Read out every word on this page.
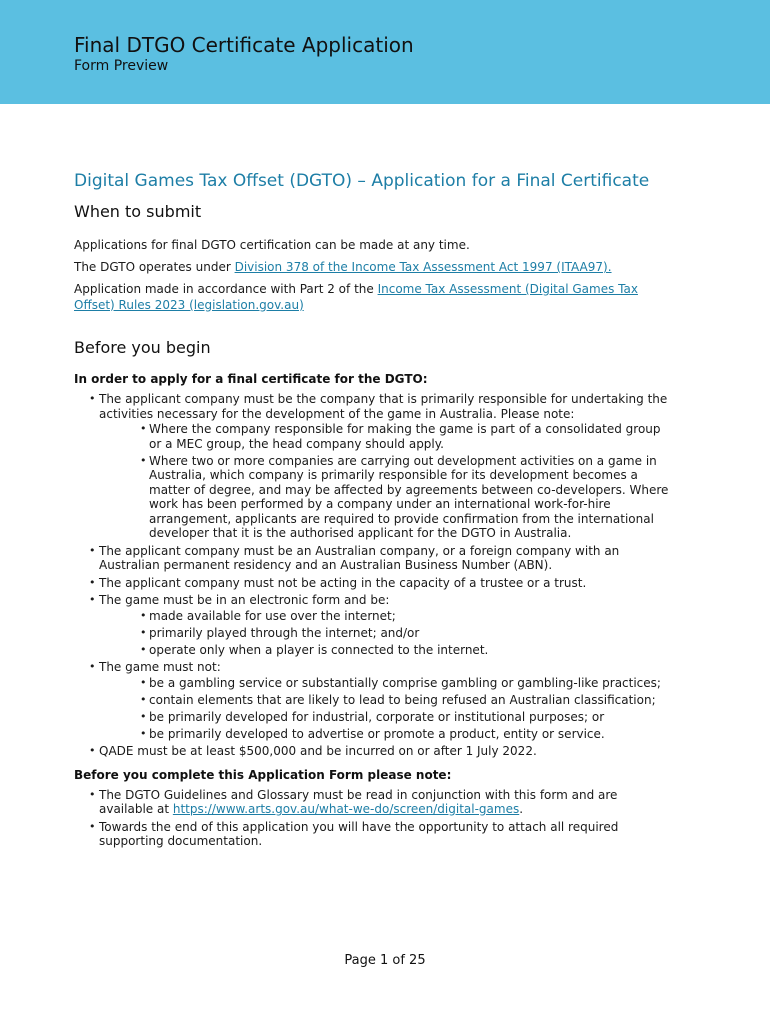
Final DTGO Certificate Application
Form Preview
Digital Games Tax Offset (DGTO) – Application for a Final Certificate
When to submit

Applications for final DGTO certification can be made at any time.

The DGTO operates under Division 378 of the Income Tax Assessment Act 1997 (ITAA97).

Application made in accordance with Part 2 of the Income Tax Assessment (Digital Games Tax Offset) Rules 2023 (legislation.gov.au)

Before you begin

In order to apply for a final certificate for the DGTO:

• The applicant company must be the company that is primarily responsible for undertaking the activities necessary for the development of the game in Australia. Please note:
• Where the company responsible for making the game is part of a consolidated group or a MEC group, the head company should apply.
• Where two or more companies are carrying out development activities on a game in Australia, which company is primarily responsible for its development becomes a matter of degree, and may be affected by agreements between co-developers. Where work has been performed by a company under an international work-for-hire arrangement, applicants are required to provide confirmation from the international developer that it is the authorised applicant for the DGTO in Australia.
• The applicant company must be an Australian company, or a foreign company with an Australian permanent residency and an Australian Business Number (ABN).
• The applicant company must not be acting in the capacity of a trustee or a trust.
• The game must be in an electronic form and be:
• made available for use over the internet;
• primarily played through the internet; and/or
• operate only when a player is connected to the internet.
• The game must not:
• be a gambling service or substantially comprise gambling or gambling-like practices;
• contain elements that are likely to lead to being refused an Australian classification;
• be primarily developed for industrial, corporate or institutional purposes; or
• be primarily developed to advertise or promote a product, entity or service.
• QADE must be at least $500,000 and be incurred on or after 1 July 2022.

Before you complete this Application Form please note:

• The DGTO Guidelines and Glossary must be read in conjunction with this form and are available at https://www.arts.gov.au/what-we-do/screen/digital-games.
• Towards the end of this application you will have the opportunity to attach all required supporting documentation.
Page 1 of 25
